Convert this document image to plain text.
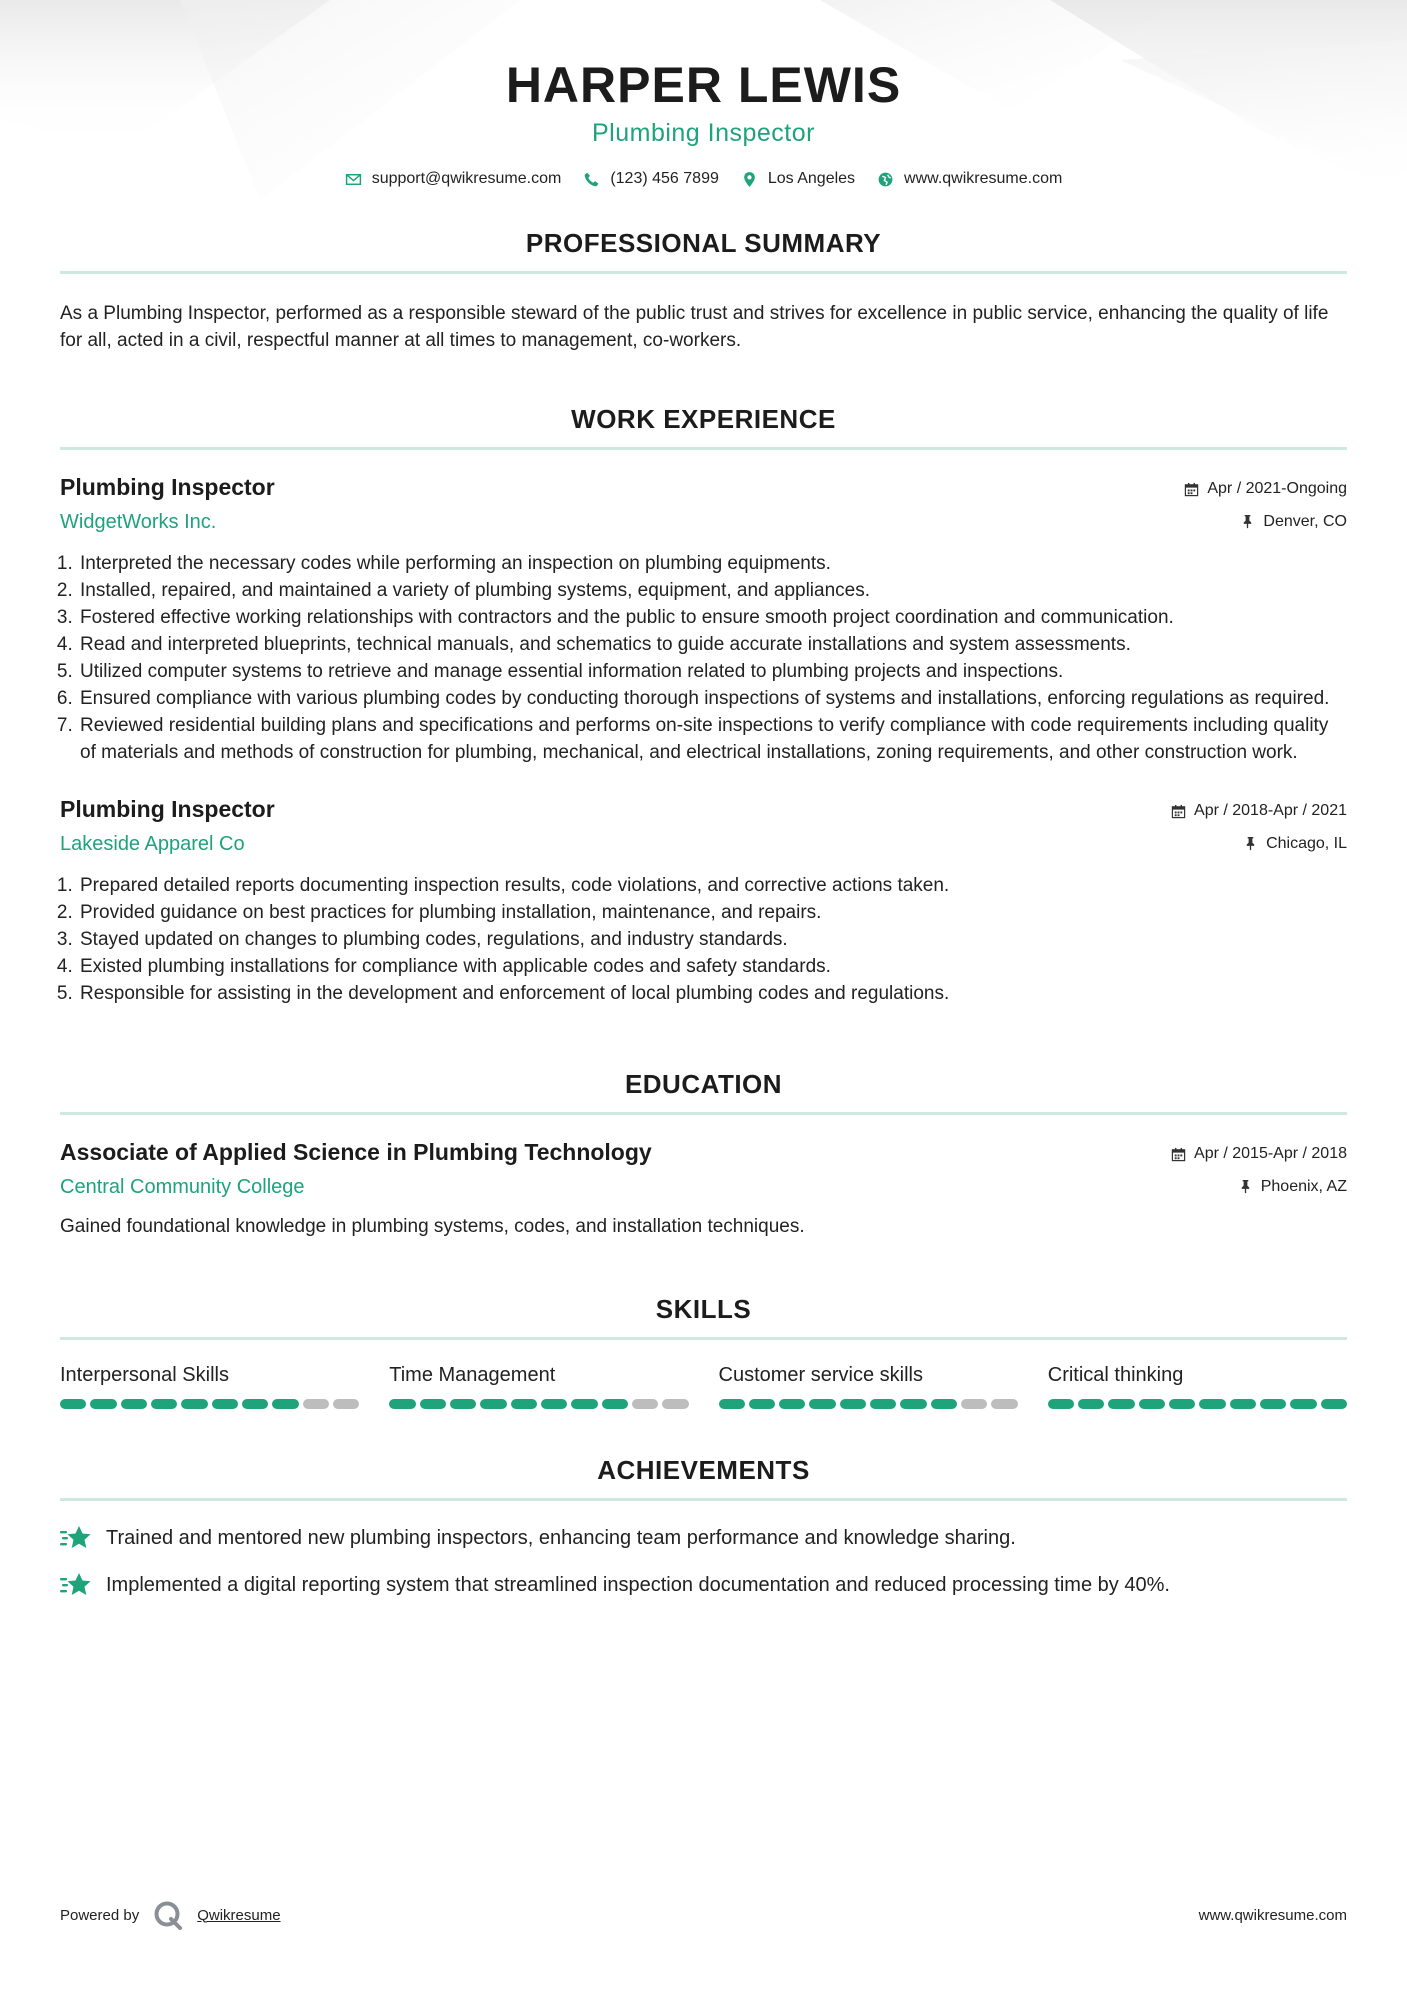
HARPER LEWIS
Plumbing Inspector
support@qwikresume.com	(123) 456 7899	Los Angeles	www.qwikresume.com
PROFESSIONAL SUMMARY

As a Plumbing Inspector, performed as a responsible steward of the public trust and strives for excellence in public service, enhancing the quality of life for all, acted in a civil, respectful manner at all times to management, co-workers.

WORK EXPERIENCE
Plumbing Inspector	Apr / 2021-Ongoing
WidgetWorks Inc.	Denver, CO
1. Interpreted the necessary codes while performing an inspection on plumbing equipments.
2. Installed, repaired, and maintained a variety of plumbing systems, equipment, and appliances.
3. Fostered effective working relationships with contractors and the public to ensure smooth project coordination and communication.
4. Read and interpreted blueprints, technical manuals, and schematics to guide accurate installations and system assessments.
5. Utilized computer systems to retrieve and manage essential information related to plumbing projects and inspections.
6. Ensured compliance with various plumbing codes by conducting thorough inspections of systems and installations, enforcing regulations as required.
7. Reviewed residential building plans and specifications and performs on-site inspections to verify compliance with code requirements including quality of materials and methods of construction for plumbing, mechanical, and electrical installations, zoning requirements, and other construction work.
Plumbing Inspector	Apr / 2018-Apr / 2021
Lakeside Apparel Co	Chicago, IL
1. Prepared detailed reports documenting inspection results, code violations, and corrective actions taken.
2. Provided guidance on best practices for plumbing installation, maintenance, and repairs.
3. Stayed updated on changes to plumbing codes, regulations, and industry standards.
4. Existed plumbing installations for compliance with applicable codes and safety standards.
5. Responsible for assisting in the development and enforcement of local plumbing codes and regulations.
EDUCATION
Associate of Applied Science in Plumbing Technology	Apr / 2015-Apr / 2018
Central Community College	Phoenix, AZ

Gained foundational knowledge in plumbing systems, codes, and installation techniques.

SKILLS
Interpersonal Skills	Time Management	Customer service skills	Critical thinking
ACHIEVEMENTS
Trained and mentored new plumbing inspectors, enhancing team performance and knowledge sharing.
Implemented a digital reporting system that streamlined inspection documentation and reduced processing time by 40%.
Powered by	Qwikresume	www.qwikresume.com
